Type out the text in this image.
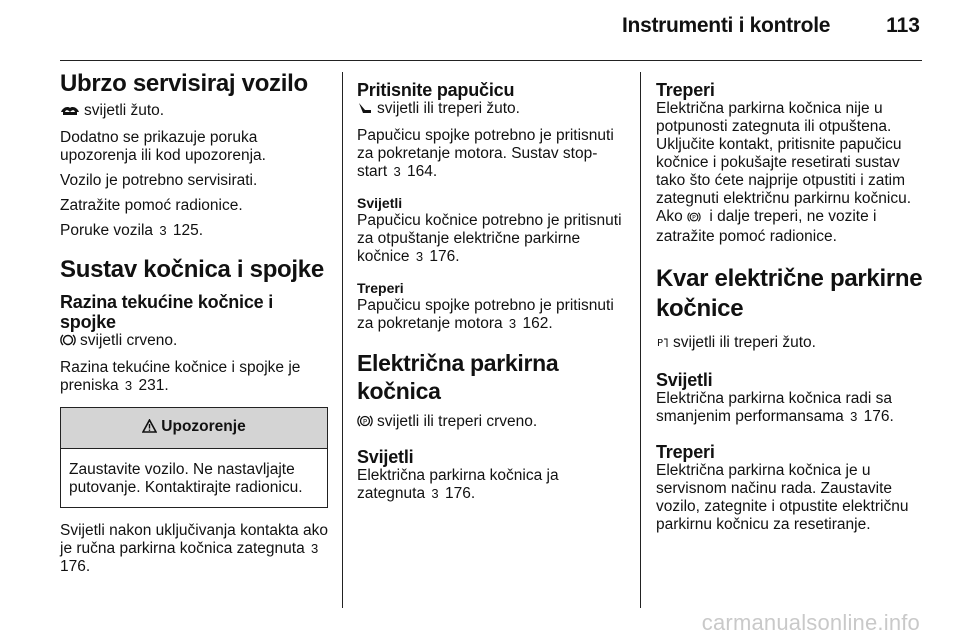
Instrumenti i kontrole	113
Ubrzo servisiraj vozilo

svijetli žuto.

Dodatno se prikazuje poruka upozorenja ili kod upozorenja.

Vozilo je potrebno servisirati.

Zatražite pomoć radionice.

Poruke vozila 3 125.

Sustav kočnica i spojke
Razina tekućine kočnice i spojke

svijetli crveno.

Razina tekućine kočnice i spojke je preniska 3 231.

Upozorenje
Zaustavite vozilo. Ne nastavljajte putovanje. Kontaktirajte radionicu.

Svijetli nakon uključivanja kontakta ako je ručna parkirna kočnica zategnuta 3 176.

Pritisnite papučicu

svijetli ili treperi žuto.

Papučicu spojke potrebno je pritisnuti za pokretanje motora. Sustav stop-start 3 164.

Svijetli

Papučicu kočnice potrebno je pritisnuti za otpuštanje električne parkirne kočnice 3 176.

Treperi

Papučicu spojke potrebno je pritisnuti za pokretanje motora 3 162.

Električna parkirna kočnica

P svijetli ili treperi crveno.

Svijetli

Električna parkirna kočnica ja zategnuta 3 176.

Treperi

Električna parkirna kočnica nije u potpunosti zategnuta ili otpuštena. Uključite kontakt, pritisnite papučicu kočnice i pokušajte resetirati sustav tako što ćete najprije otpustiti i zatim zategnuti električnu parkirnu kočnicu. Ako P i dalje treperi, ne vozite i zatražite pomoć radionice.

Kvar električne parkirne kočnice

P svijetli ili treperi žuto.

Svijetli

Električna parkirna kočnica radi sa smanjenim performansama 3 176.

Treperi

Električna parkirna kočnica je u servisnom načinu rada. Zaustavite vozilo, zategnite i otpustite električnu parkirnu kočnicu za resetiranje.

carmanualsonline.info
